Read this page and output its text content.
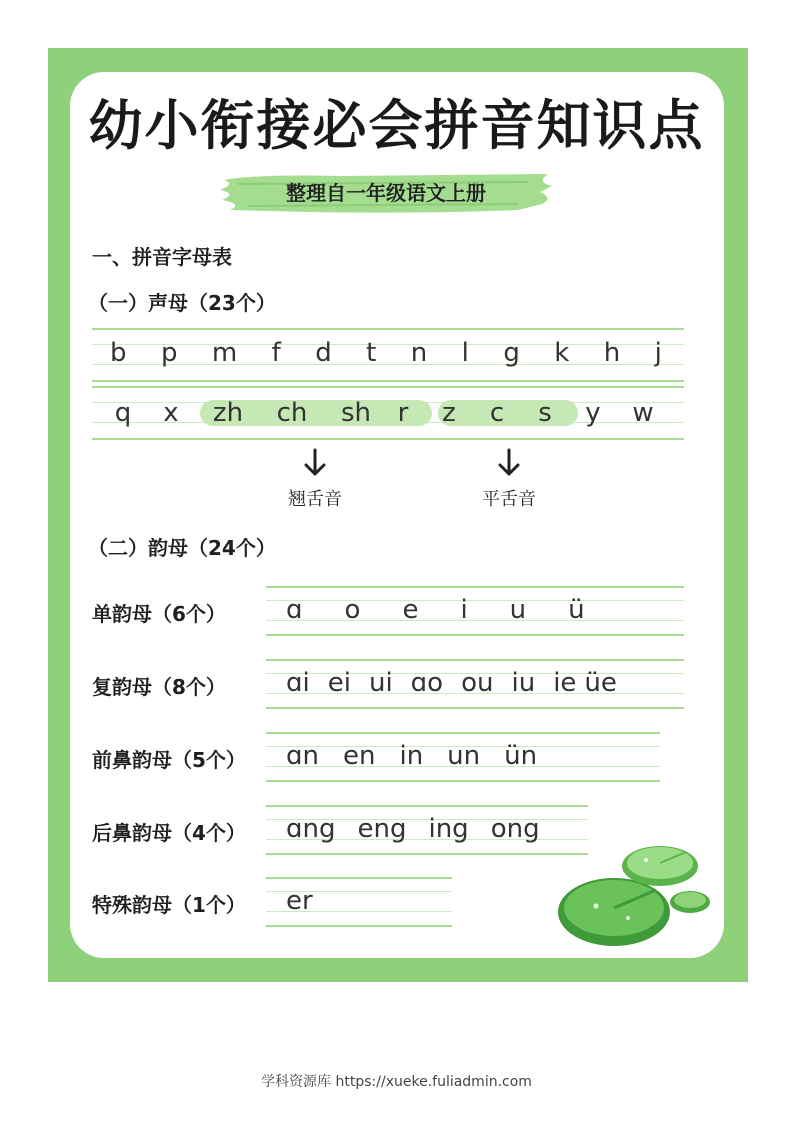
幼小衔接必会拼音知识点
整理自一年级语文上册
一、拼音字母表
（一）声母（23个）
b p m f d t n l g k h j
q x zh ch sh r z c s y w
翘舌音	平舌音
（二）韵母（24个）
单韵母（6个） ɑ o e i u ü
复韵母（8个） ɑi ei ui ɑo ou iu ie üe
前鼻韵母（5个） ɑn en in un ün
后鼻韵母（4个） ɑng eng ing ong
特殊韵母（1个） er
学科资源库 https://xueke.fuliadmin.com
